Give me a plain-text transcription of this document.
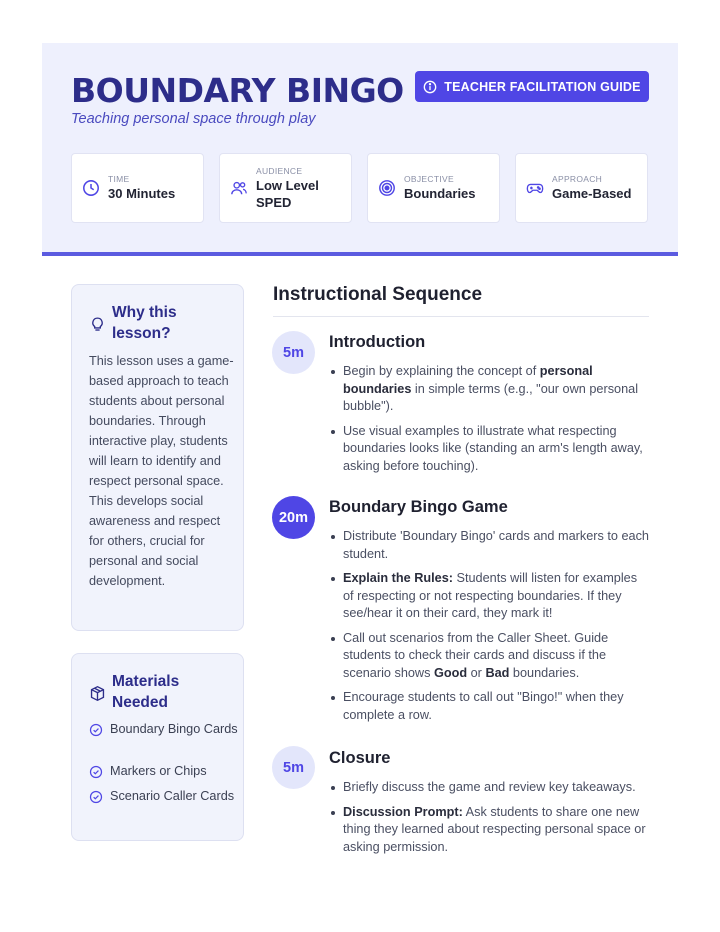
BOUNDARY BINGO
Teaching personal space through play
TEACHER FACILITATION GUIDE
TIME
30 Minutes
AUDIENCE
Low Level SPED
OBJECTIVE
Boundaries
APPROACH
Game-Based
Why this lesson?
This lesson uses a game-based approach to teach students about personal boundaries. Through interactive play, students will learn to identify and respect personal space. This develops social awareness and respect for others, crucial for personal and social development.
Materials Needed
Boundary Bingo Cards
Markers or Chips
Scenario Caller Cards
Instructional Sequence
5m
Introduction
Begin by explaining the concept of personal boundaries in simple terms (e.g., "our own personal bubble").
Use visual examples to illustrate what respecting boundaries looks like (standing an arm's length away, asking before touching).
20m
Boundary Bingo Game
Distribute 'Boundary Bingo' cards and markers to each student.
Explain the Rules: Students will listen for examples of respecting or not respecting boundaries. If they see/hear it on their card, they mark it!
Call out scenarios from the Caller Sheet. Guide students to check their cards and discuss if the scenario shows Good or Bad boundaries.
Encourage students to call out "Bingo!" when they complete a row.
5m
Closure
Briefly discuss the game and review key takeaways.
Discussion Prompt: Ask students to share one new thing they learned about respecting personal space or asking permission.
